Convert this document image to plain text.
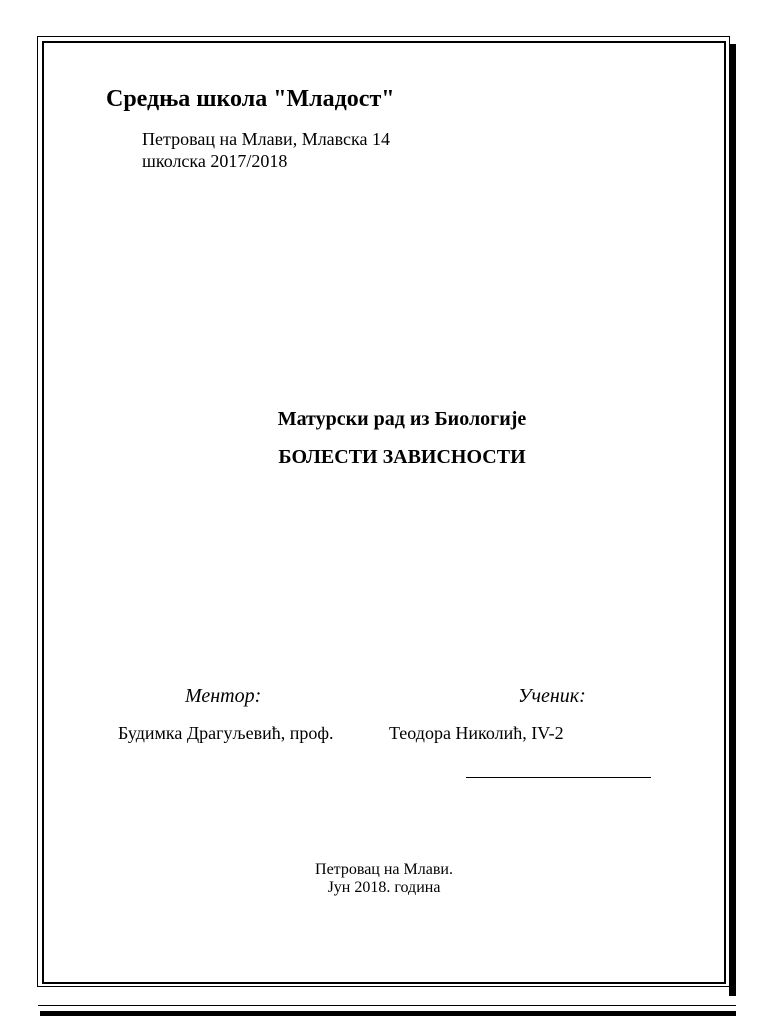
Средња школа "Младост"
Петровац на Млави, Млавска 14
школска 2017/2018
Матурски рад из Биологије
БОЛЕСТИ ЗАВИСНОСТИ
Ментор:	Ученик:
Будимка Драгуљевић, проф.	Теодора Николић, IV-2
Петровац на Млави.
Јун 2018. година
